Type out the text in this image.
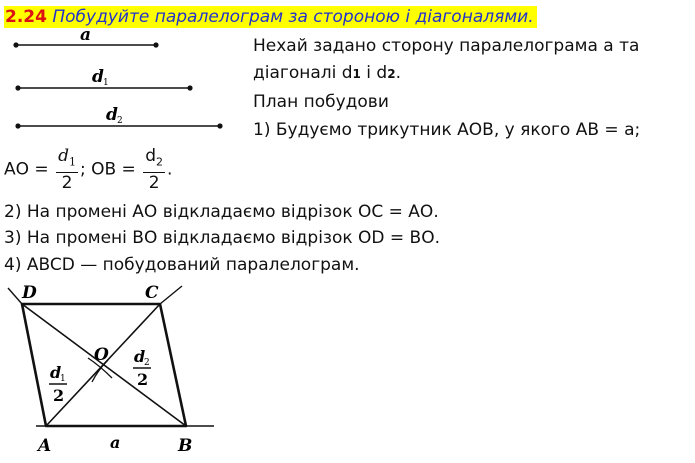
2.24 Побудуйте паралелограм за стороною і діагоналями.
a
d 1
d 2
Нехай задано сторону паралелограма а та
діагоналі d1 і d2.
План побудови
1) Будуємо трикутник АОВ, у якого АВ = а;
АО = $\frac{d_1}{2}$ ; ОВ = $\frac{d_2}{2}$ .
2) На промені АО відкладаємо відрізок ОС = АО.
3) На промені ВО відкладаємо відрізок OD = ВО.
4) ABCD — побудований паралелограм.
A	B
C
D
O
a
d
1
2
d
2
2
